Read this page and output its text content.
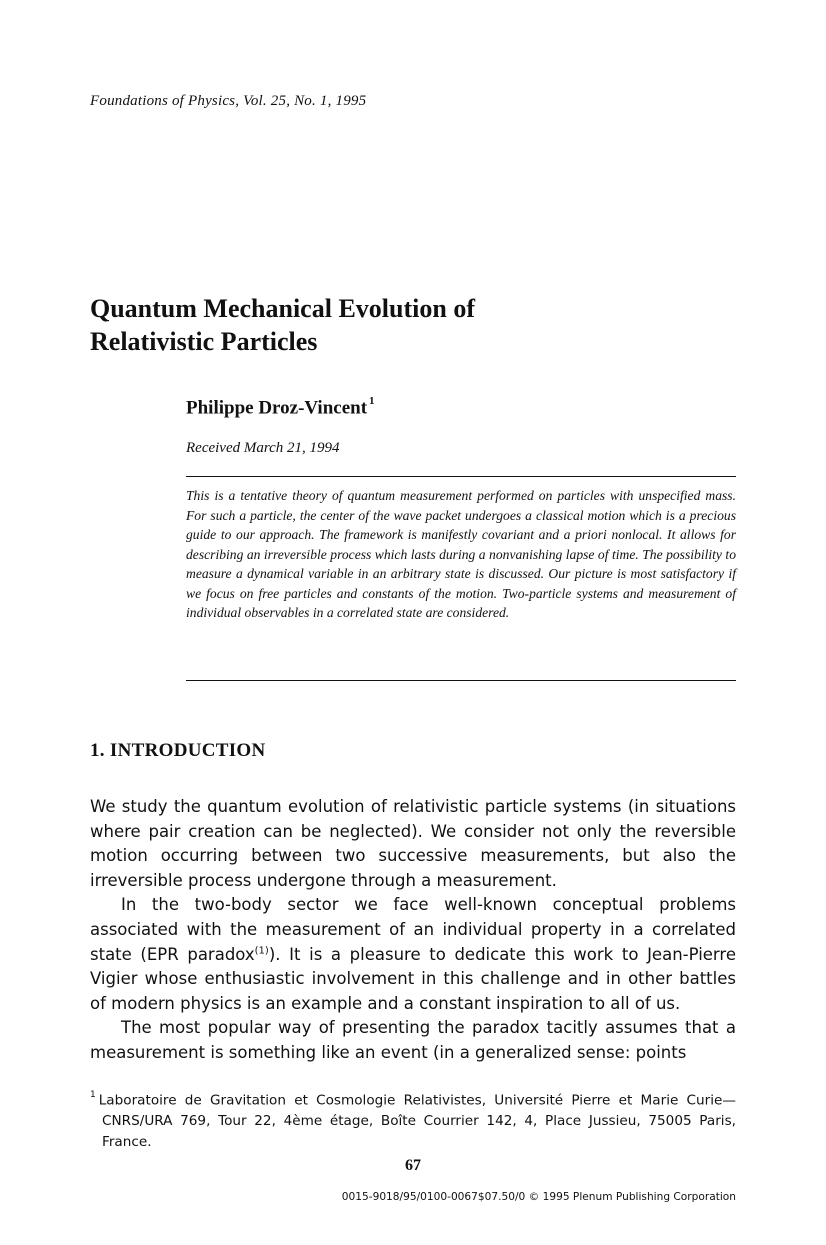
Foundations of Physics, Vol. 25, No. 1, 1995
Quantum Mechanical Evolution of
Relativistic Particles
Philippe Droz-Vincent $^1$
Received March 21, 1994

This is a tentative theory of quantum measurement performed on particles with unspecified mass. For such a particle, the center of the wave packet undergoes a classical motion which is a precious guide to our approach. The framework is manifestly covariant and a priori nonlocal. It allows for describing an irreversible process which lasts during a nonvanishing lapse of time. The possibility to measure a dynamical variable in an arbitrary state is discussed. Our picture is most satisfactory if we focus on free particles and constants of the motion. Two-particle systems and measurement of individual observables in a correlated state are considered.

1. INTRODUCTION

We study the quantum evolution of relativistic particle systems (in situations where pair creation can be neglected). We consider not only the reversible motion occurring between two successive measurements, but also the irreversible process undergone through a measurement.

In the two-body sector we face well-known conceptual problems associated with the measurement of an individual property in a correlated state (EPR paradox$^{(1)}$). It is a pleasure to dedicate this work to Jean-Pierre Vigier whose enthusiastic involvement in this challenge and in other battles of modern physics is an example and a constant inspiration to all of us.

The most popular way of presenting the paradox tacitly assumes that a measurement is something like an event (in a generalized sense: points

$^1$ Laboratoire de Gravitation et Cosmologie Relativistes, Université Pierre et Marie Curie—CNRS/URA 769, Tour 22, 4ème étage, Boîte Courrier 142, 4, Place Jussieu, 75005 Paris, France.
67
0015-9018/95/0100-0067$07.50/0 © 1995 Plenum Publishing Corporation
